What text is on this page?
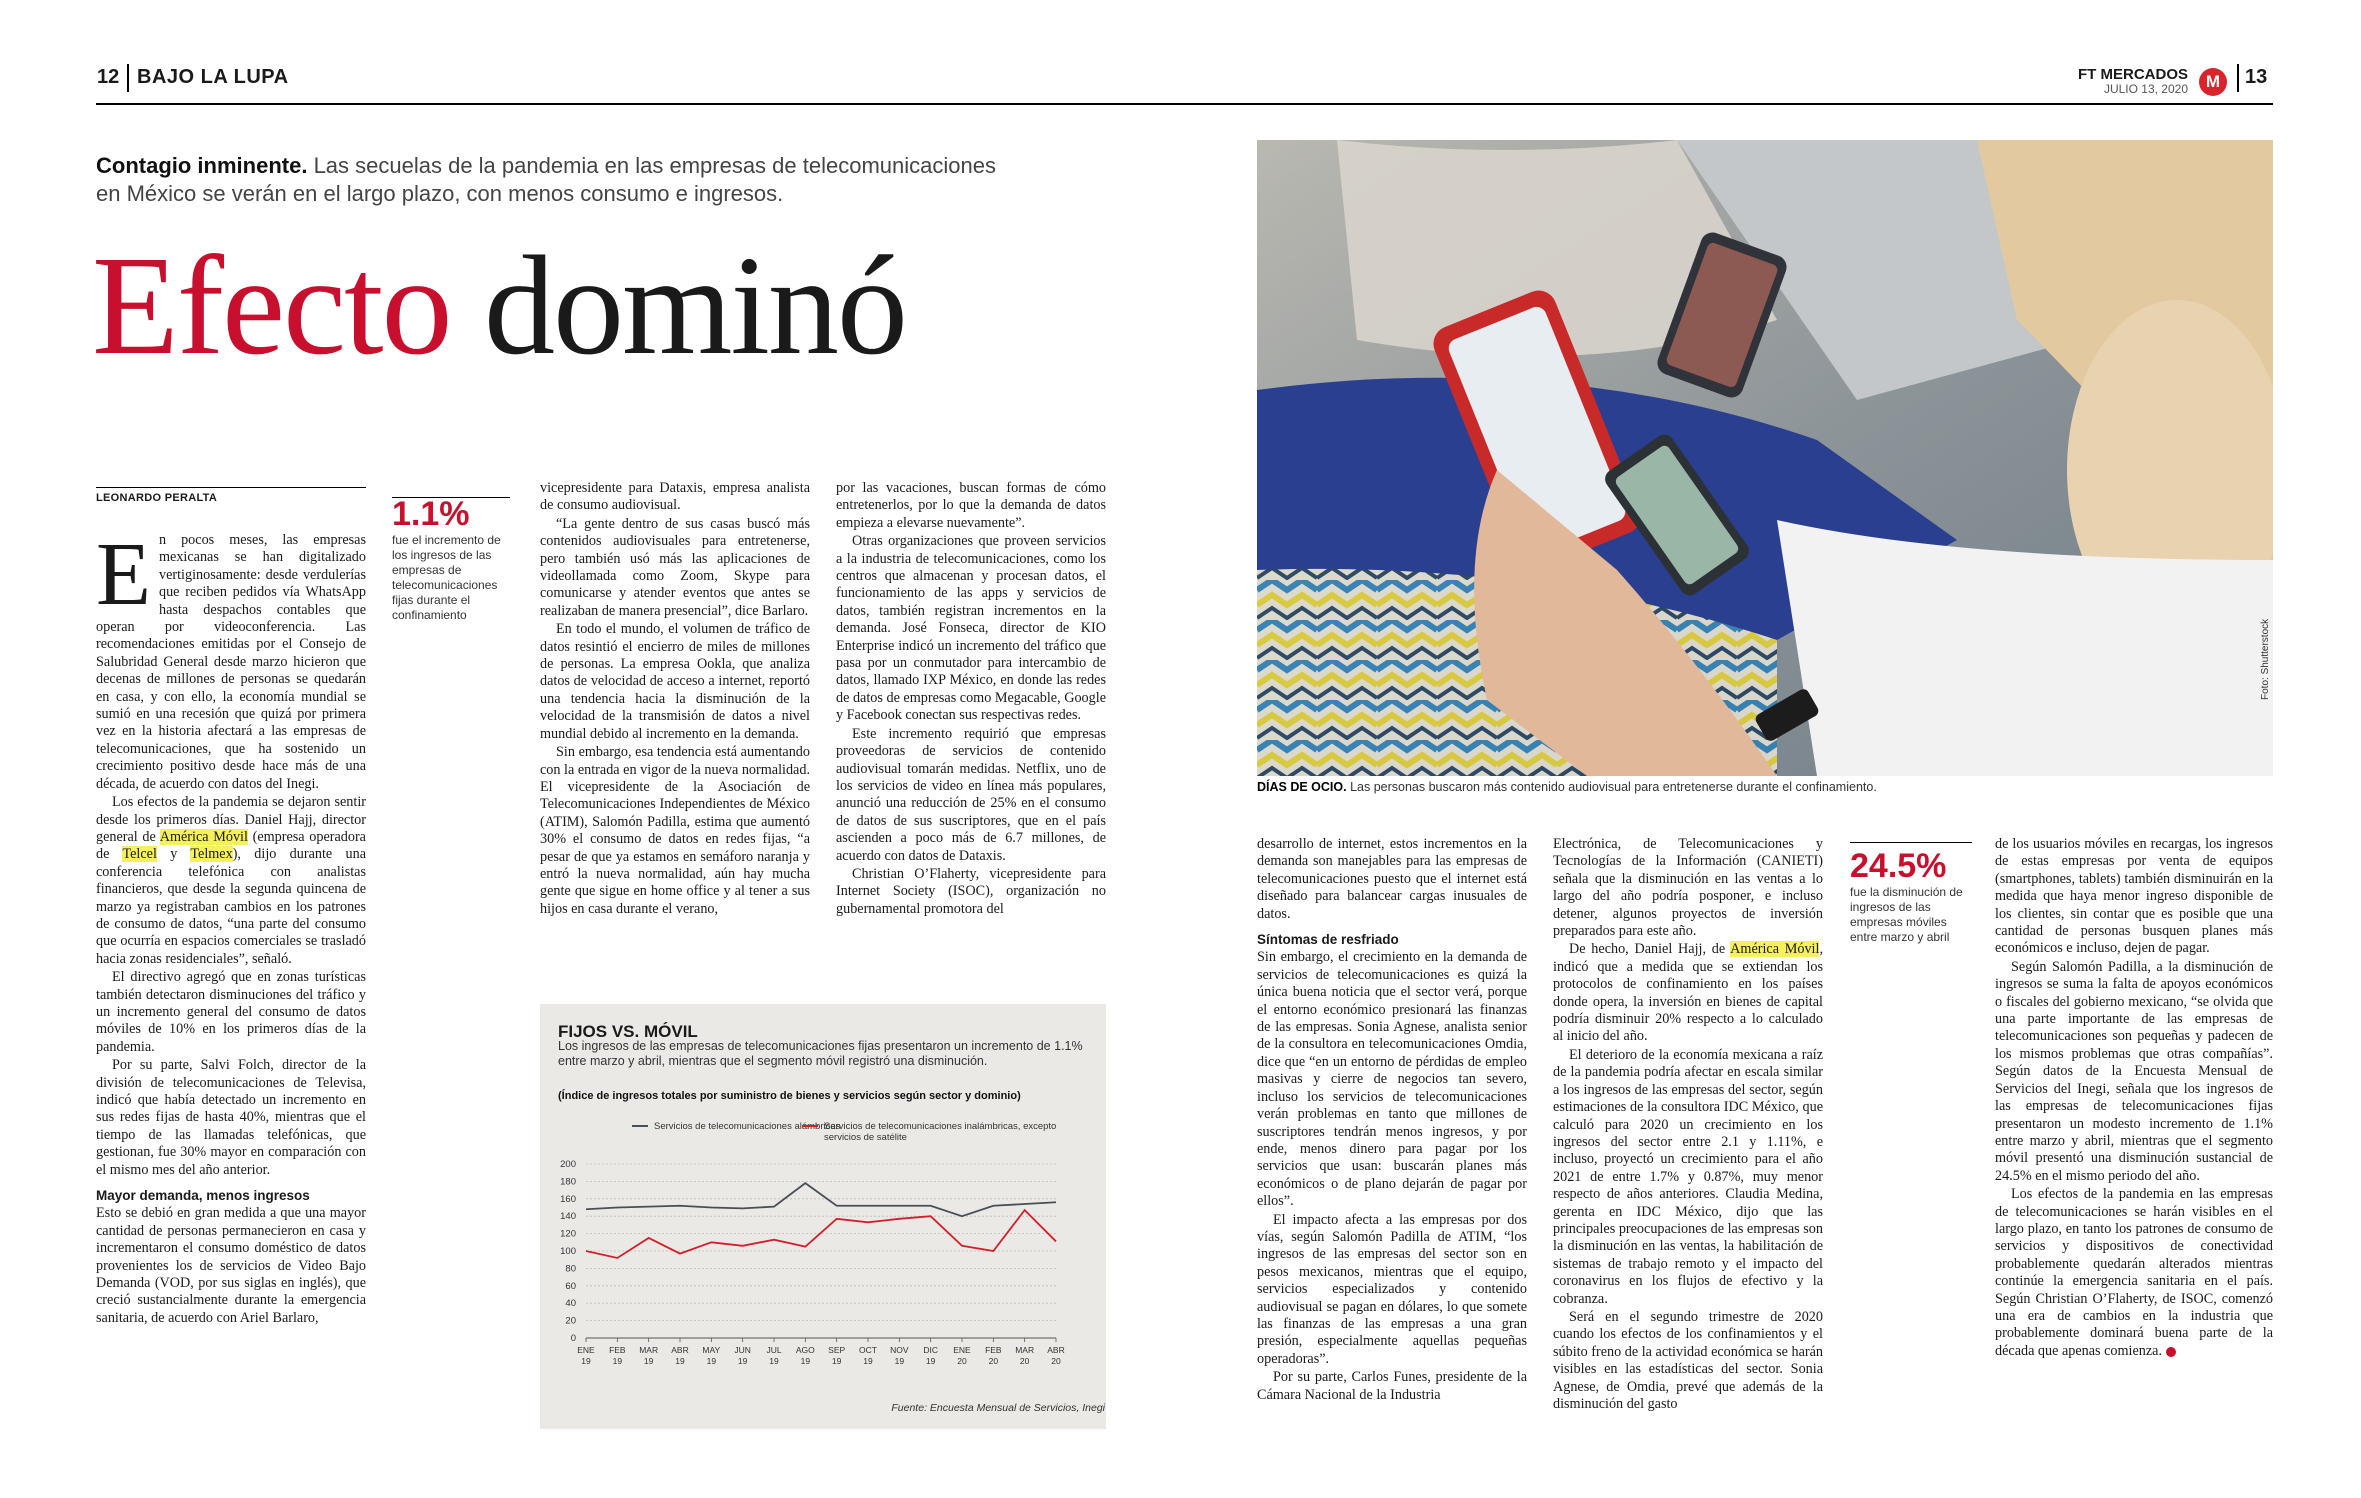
12 BAJO LA LUPA	FT MERCADOS
JULIO 13, 2020	M	13
Contagio inminente. Las secuelas de la pandemia en las empresas de telecomunicaciones en México se verán en el largo plazo, con menos consumo e ingresos.
Efecto dominó
LEONARDO PERALTA	1.1%
fue el incremento de los ingresos de las empresas de telecomunicaciones fijas durante el confinamiento
24.5%
fue la disminución de ingresos de las empresas móviles entre marzo y abril

En pocos meses, las empresas mexicanas se han digitalizado vertiginosamente: desde verdulerías que reciben pedidos vía WhatsApp hasta despachos contables que operan por videoconferencia. Las recomendaciones emitidas por el Consejo de Salubridad General desde marzo hicieron que decenas de millones de personas se quedarán en casa, y con ello, la economía mundial se sumió en una recesión que quizá por primera vez en la historia afectará a las empresas de telecomunicaciones, que ha sostenido un crecimiento positivo desde hace más de una década, de acuerdo con datos del Inegi.

Los efectos de la pandemia se dejaron sentir desde los primeros días. Daniel Hajj, director general de América Móvil (empresa operadora de Telcel y Telmex), dijo durante una conferencia telefónica con analistas financieros, que desde la segunda quincena de marzo ya registraban cambios en los patrones de consumo de datos, “una parte del consumo que ocurría en espacios comerciales se trasladó hacia zonas residenciales”, señaló.

El directivo agregó que en zonas turísticas también detectaron disminuciones del tráfico y un incremento general del consumo de datos móviles de 10% en los primeros días de la pandemia.

Por su parte, Salvi Folch, director de la división de telecomunicaciones de Televisa, indicó que había detectado un incremento en sus redes fijas de hasta 40%, mientras que el tiempo de las llamadas telefónicas, que gestionan, fue 30% mayor en comparación con el mismo mes del año anterior.

Mayor demanda, menos ingresos

Esto se debió en gran medida a que una mayor cantidad de personas permanecieron en casa y incrementaron el consumo doméstico de datos provenientes los de servicios de Video Bajo Demanda (VOD, por sus siglas en inglés), que creció sustancialmente durante la emergencia sanitaria, de acuerdo con Ariel Barlaro,

vicepresidente para Dataxis, empresa analista de consumo audiovisual.

“La gente dentro de sus casas buscó más contenidos audiovisuales para entretenerse, pero también usó más las aplicaciones de videollamada como Zoom, Skype para comunicarse y atender eventos que antes se realizaban de manera presencial”, dice Barlaro.

En todo el mundo, el volumen de tráfico de datos resintió el encierro de miles de millones de personas. La empresa Ookla, que analiza datos de velocidad de acceso a internet, reportó una tendencia hacia la disminución de la velocidad de la transmisión de datos a nivel mundial debido al incremento en la demanda.

Sin embargo, esa tendencia está aumentando con la entrada en vigor de la nueva normalidad. El vicepresidente de la Asociación de Telecomunicaciones Independientes de México (ATIM), Salomón Padilla, estima que aumentó 30% el consumo de datos en redes fijas, “a pesar de que ya estamos en semáforo naranja y entró la nueva normalidad, aún hay mucha gente que sigue en home office y al tener a sus hijos en casa durante el verano,

por las vacaciones, buscan formas de cómo entretenerlos, por lo que la demanda de datos empieza a elevarse nuevamente”.

Otras organizaciones que proveen servicios a la industria de telecomunicaciones, como los centros que almacenan y procesan datos, el funcionamiento de las apps y servicios de datos, también registran incrementos en la demanda. José Fonseca, director de KIO Enterprise indicó un incremento del tráfico que pasa por un conmutador para intercambio de datos, llamado IXP México, en donde las redes de datos de empresas como Megacable, Google y Facebook conectan sus respectivas redes.

Este incremento requirió que empresas proveedoras de servicios de contenido audiovisual tomarán medidas. Netflix, uno de los servicios de video en línea más populares, anunció una reducción de 25% en el consumo de datos de sus suscriptores, que en el país ascienden a poco más de 6.7 millones, de acuerdo con datos de Dataxis.

Christian O’Flaherty, vicepresidente para Internet Society (ISOC), organización no gubernamental promotora del

FIJOS VS. MÓVIL
Los ingresos de las empresas de telecomunicaciones fijas presentaron un incremento de 1.1% entre marzo y abril, mientras que el segmento móvil registró una disminución.
(Índice de ingresos totales por suministro de bienes y servicios según sector y dominio)
Servicios de telecomunicaciones alámbricas
Servicios de telecomunicaciones inalámbricas, excepto servicios de satélite
0
20
40
60
80
100
120
140
160
180
200
ENE 19
FEB 19
MAR 19
ABR 19
MAY 19
JUN 19
JUL 19
AGO 19
SEP 19
OCT 19
NOV 19
DIC 19
ENE 20
FEB 20
MAR 20
ABR 20
Fuente: Encuesta Mensual de Servicios, Inegi
Foto: Shutterstock
DÍAS DE OCIO. Las personas buscaron más contenido audiovisual para entretenerse durante el confinamiento.

desarrollo de internet, estos incrementos en la demanda son manejables para las empresas de telecomunicaciones puesto que el internet está diseñado para balancear cargas inusuales de datos.

Síntomas de resfriado

Sin embargo, el crecimiento en la demanda de servicios de telecomunicaciones es quizá la única buena noticia que el sector verá, porque el entorno económico presionará las finanzas de las empresas. Sonia Agnese, analista senior de la consultora en telecomunicaciones Omdia, dice que “en un entorno de pérdidas de empleo masivas y cierre de negocios tan severo, incluso los servicios de telecomunicaciones verán problemas en tanto que millones de suscriptores tendrán menos ingresos, y por ende, menos dinero para pagar por los servicios que usan: buscarán planes más económicos o de plano dejarán de pagar por ellos”.

El impacto afecta a las empresas por dos vías, según Salomón Padilla de ATIM, “los ingresos de las empresas del sector son en pesos mexicanos, mientras que el equipo, servicios especializados y contenido audiovisual se pagan en dólares, lo que somete las finanzas de las empresas a una gran presión, especialmente aquellas pequeñas operadoras”.

Por su parte, Carlos Funes, presidente de la Cámara Nacional de la Industria

Electrónica, de Telecomunicaciones y Tecnologías de la Información (CANIETI) señala que la disminución en las ventas a lo largo del año podría posponer, e incluso detener, algunos proyectos de inversión preparados para este año.

De hecho, Daniel Hajj, de América Móvil, indicó que a medida que se extiendan los protocolos de confinamiento en los países donde opera, la inversión en bienes de capital podría disminuir 20% respecto a lo calculado al inicio del año.

El deterioro de la economía mexicana a raíz de la pandemia podría afectar en escala similar a los ingresos de las empresas del sector, según estimaciones de la consultora IDC México, que calculó para 2020 un crecimiento en los ingresos del sector entre 2.1 y 1.11%, e incluso, proyectó un crecimiento para el año 2021 de entre 1.7% y 0.87%, muy menor respecto de años anteriores. Claudia Medina, gerenta en IDC México, dijo que las principales preocupaciones de las empresas son la disminución en las ventas, la habilitación de sistemas de trabajo remoto y el impacto del coronavirus en los flujos de efectivo y la cobranza.

Será en el segundo trimestre de 2020 cuando los efectos de los confinamientos y el súbito freno de la actividad económica se harán visibles en las estadísticas del sector. Sonia Agnese, de Omdia, prevé que además de la disminución del gasto

de los usuarios móviles en recargas, los ingresos de estas empresas por venta de equipos (smartphones, tablets) también disminuirán en la medida que haya menor ingreso disponible de los clientes, sin contar que es posible que una cantidad de personas busquen planes más económicos e incluso, dejen de pagar.

Según Salomón Padilla, a la disminución de ingresos se suma la falta de apoyos económicos o fiscales del gobierno mexicano, “se olvida que una parte importante de las empresas de telecomunicaciones son pequeñas y padecen de los mismos problemas que otras compañías”. Según datos de la Encuesta Mensual de Servicios del Inegi, señala que los ingresos de las empresas de telecomunicaciones fijas presentaron un modesto incremento de 1.1% entre marzo y abril, mientras que el segmento móvil presentó una disminución sustancial de 24.5% en el mismo periodo del año.

Los efectos de la pandemia en las empresas de telecomunicaciones se harán visibles en el largo plazo, en tanto los patrones de consumo de servicios y dispositivos de conectividad probablemente quedarán alterados mientras continúe la emergencia sanitaria en el país. Según Christian O’Flaherty, de ISOC, comenzó una era de cambios en la industria que probablemente dominará buena parte de la década que apenas comienza.
